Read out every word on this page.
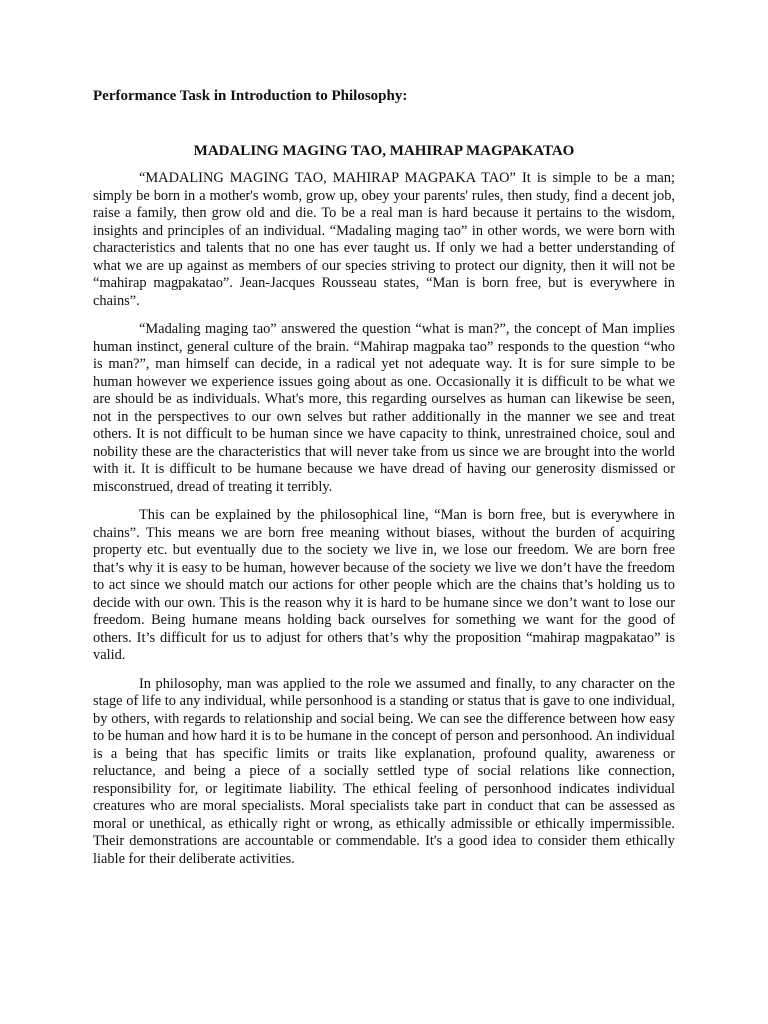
Performance Task in Introduction to Philosophy:

MADALING MAGING TAO, MAHIRAP MAGPAKATAO

“MADALING MAGING TAO, MAHIRAP MAGPAKA TAO” It is simple to be a man; simply be born in a mother's womb, grow up, obey your parents' rules, then study, find a decent job, raise a family, then grow old and die. To be a real man is hard because it pertains to the wisdom, insights and principles of an individual. “Madaling maging tao” in other words, we were born with characteristics and talents that no one has ever taught us. If only we had a better understanding of what we are up against as members of our species striving to protect our dignity, then it will not be “mahirap magpakatao”. Jean-Jacques Rousseau states, “Man is born free, but is everywhere in chains”.

“Madaling maging tao” answered the question “what is man?”, the concept of Man implies human instinct, general culture of the brain. “Mahirap magpaka tao” responds to the question “who is man?”, man himself can decide, in a radical yet not adequate way. It is for sure simple to be human however we experience issues going about as one. Occasionally it is difficult to be what we are should be as individuals. What's more, this regarding ourselves as human can likewise be seen, not in the perspectives to our own selves but rather additionally in the manner we see and treat others. It is not difficult to be human since we have capacity to think, unrestrained choice, soul and nobility these are the characteristics that will never take from us since we are brought into the world with it. It is difficult to be humane because we have dread of having our generosity dismissed or misconstrued, dread of treating it terribly.

This can be explained by the philosophical line, “Man is born free, but is everywhere in chains”. This means we are born free meaning without biases, without the burden of acquiring property etc. but eventually due to the society we live in, we lose our freedom. We are born free that’s why it is easy to be human, however because of the society we live we don’t have the freedom to act since we should match our actions for other people which are the chains that’s holding us to decide with our own. This is the reason why it is hard to be humane since we don’t want to lose our freedom. Being humane means holding back ourselves for something we want for the good of others. It’s difficult for us to adjust for others that’s why the proposition “mahirap magpakatao” is valid.

In philosophy, man was applied to the role we assumed and finally, to any character on the stage of life to any individual, while personhood is a standing or status that is gave to one individual, by others, with regards to relationship and social being. We can see the difference between how easy to be human and how hard it is to be humane in the concept of person and personhood. An individual is a being that has specific limits or traits like explanation, profound quality, awareness or reluctance, and being a piece of a socially settled type of social relations like connection, responsibility for, or legitimate liability. The ethical feeling of personhood indicates individual creatures who are moral specialists. Moral specialists take part in conduct that can be assessed as moral or unethical, as ethically right or wrong, as ethically admissible or ethically impermissible. Their demonstrations are accountable or commendable. It's a good idea to consider them ethically liable for their deliberate activities.
